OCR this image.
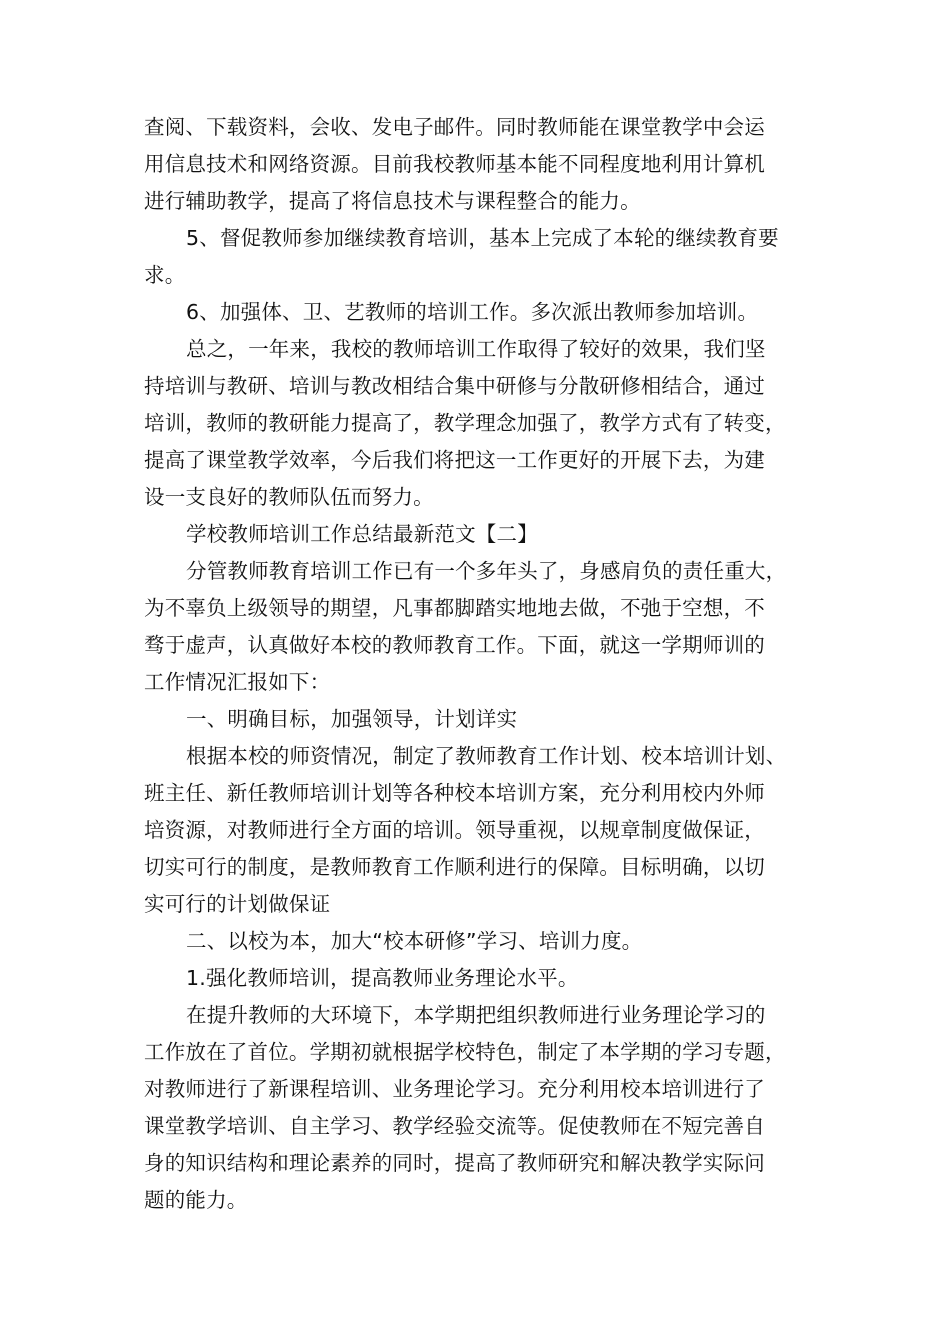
查阅、下载资料，会收、发电子邮件。同时教师能在课堂教学中会运
用信息技术和网络资源。目前我校教师基本能不同程度地利用计算机
进行辅助教学，提高了将信息技术与课程整合的能力。
5、督促教师参加继续教育培训，基本上完成了本轮的继续教育要
求。
6、加强体、卫、艺教师的培训工作。多次派出教师参加培训。
总之，一年来，我校的教师培训工作取得了较好的效果，我们坚
持培训与教研、培训与教改相结合集中研修与分散研修相结合，通过
培训，教师的教研能力提高了，教学理念加强了，教学方式有了转变，
提高了课堂教学效率，今后我们将把这一工作更好的开展下去，为建
设一支良好的教师队伍而努力。
学校教师培训工作总结最新范文【二】
分管教师教育培训工作已有一个多年头了，身感肩负的责任重大，
为不辜负上级领导的期望，凡事都脚踏实地地去做，不弛于空想，不
骛于虚声，认真做好本校的教师教育工作。下面，就这一学期师训的
工作情况汇报如下：
一、明确目标，加强领导，计划详实
根据本校的师资情况，制定了教师教育工作计划、校本培训计划、
班主任、新任教师培训计划等各种校本培训方案，充分利用校内外师
培资源，对教师进行全方面的培训。领导重视，以规章制度做保证，
切实可行的制度，是教师教育工作顺利进行的保障。目标明确，以切
实可行的计划做保证
二、以校为本，加大“校本研修”学习、培训力度。
1.强化教师培训，提高教师业务理论水平。
在提升教师的大环境下，本学期把组织教师进行业务理论学习的
工作放在了首位。学期初就根据学校特色，制定了本学期的学习专题，
对教师进行了新课程培训、业务理论学习。充分利用校本培训进行了
课堂教学培训、自主学习、教学经验交流等。促使教师在不短完善自
身的知识结构和理论素养的同时，提高了教师研究和解决教学实际问
题的能力。
